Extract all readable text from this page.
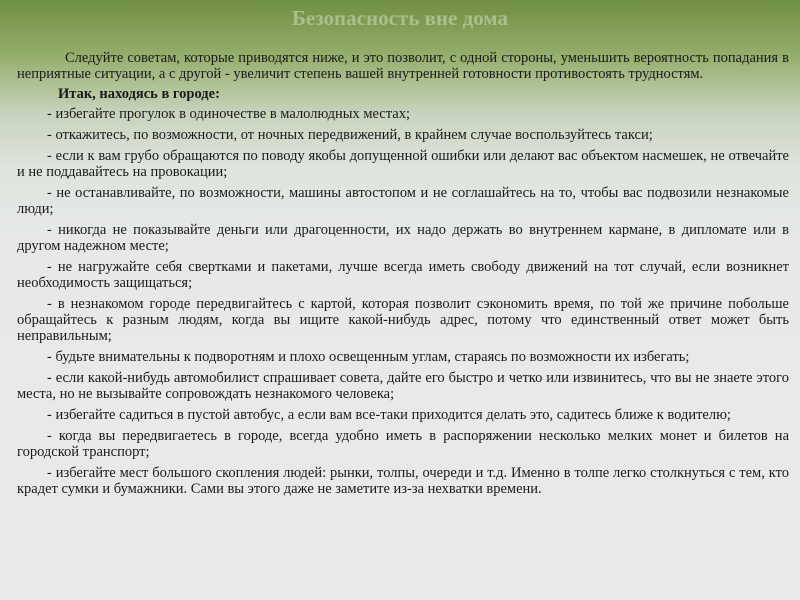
Безопасность вне дома

Следуйте советам, которые приводятся ниже, и это позволит, с одной стороны, уменьшить вероятность попадания в неприятные ситуации, а с другой - увеличит степень вашей внутренней готовности противостоять трудностям.

Итак, находясь в городе:

- избегайте прогулок в одиночестве в малолюдных местах;

- откажитесь, по возможности, от ночных передвижений, в крайнем случае воспользуйтесь такси;

- если к вам грубо обращаются по поводу якобы допущенной ошибки или делают вас объектом насмешек, не отвечайте и не поддавайтесь на провокации;

- не останавливайте, по возможности, машины автостопом и не соглашайтесь на то, чтобы вас подвозили незнакомые люди;

- никогда не показывайте деньги или драгоценности, их надо держать во внутреннем кармане, в дипломате или в другом надежном месте;

- не нагружайте себя свертками и пакетами, лучше всегда иметь свободу движений на тот случай, если возникнет необходимость защищаться;

- в незнакомом городе передвигайтесь с картой, которая позволит сэкономить время, по той же причине побольше обращайтесь к разным людям, когда вы ищите какой-нибудь адрес, потому что единственный ответ может быть неправильным;

- будьте внимательны к подворотням и плохо освещенным углам, стараясь по возможности их избегать;

- если какой-нибудь автомобилист спрашивает совета, дайте его быстро и четко или извинитесь, что вы не знаете этого места, но не вызывайте сопровождать незнакомого человека;

- избегайте садиться в пустой автобус, а если вам все-таки приходится делать это, садитесь ближе к водителю;

- когда вы передвигаетесь в городе, всегда удобно иметь в распоряжении несколько мелких монет и билетов на городской транспорт;

- избегайте мест большого скопления людей: рынки, толпы, очереди и т.д. Именно в толпе легко столкнуться с тем, кто крадет сумки и бумажники. Сами вы этого даже не заметите из-за нехватки времени.
